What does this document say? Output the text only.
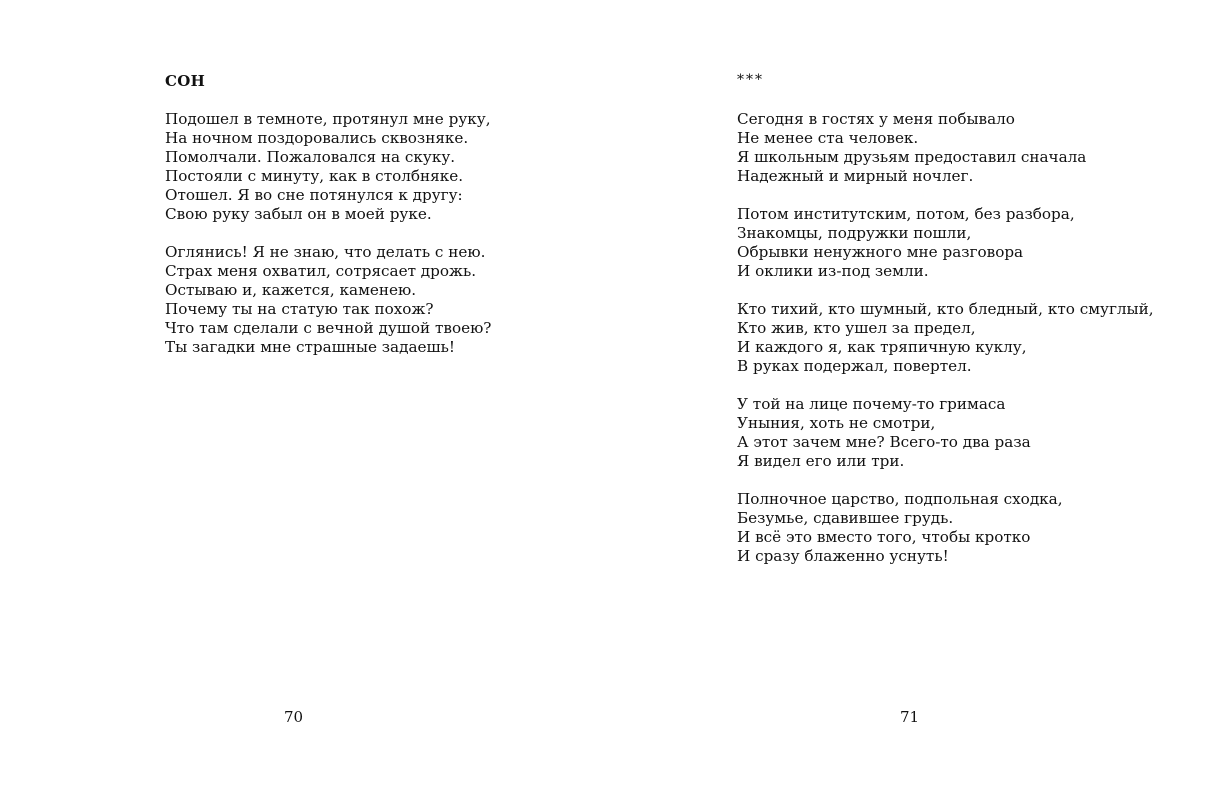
СОН
Подошел в темноте, протянул мне руку,
На ночном поздоровались сквозняке.
Помолчали. Пожаловался на скуку.
Постояли с минуту, как в столбняке.
Отошел. Я во сне потянулся к другу:
Свою руку забыл он в моей руке.
Оглянись! Я не знаю, что делать с нею.
Страх меня охватил, сотрясает дрожь.
Остываю и, кажется, каменею.
Почему ты на статую так похож?
Что там сделали с вечной душой твоею?
Ты загадки мне страшные задаешь!
70
***
Сегодня в гостях у меня побывало
Не менее ста человек.
Я школьным друзьям предоставил сначала
Надежный и мирный ночлег.
Потом институтским, потом, без разбора,
Знакомцы, подружки пошли,
Обрывки ненужного мне разговора
И оклики из-под земли.
Кто тихий, кто шумный, кто бледный, кто смуглый,
Кто жив, кто ушел за предел,
И каждого я, как тряпичную куклу,
В руках подержал, повертел.
У той на лице почему-то гримаса
Уныния, хоть не смотри,
А этот зачем мне? Всего-то два раза
Я видел его или три.
Полночное царство, подпольная сходка,
Безумье, сдавившее грудь.
И всё это вместо того, чтобы кротко
И сразу блаженно уснуть!
71
